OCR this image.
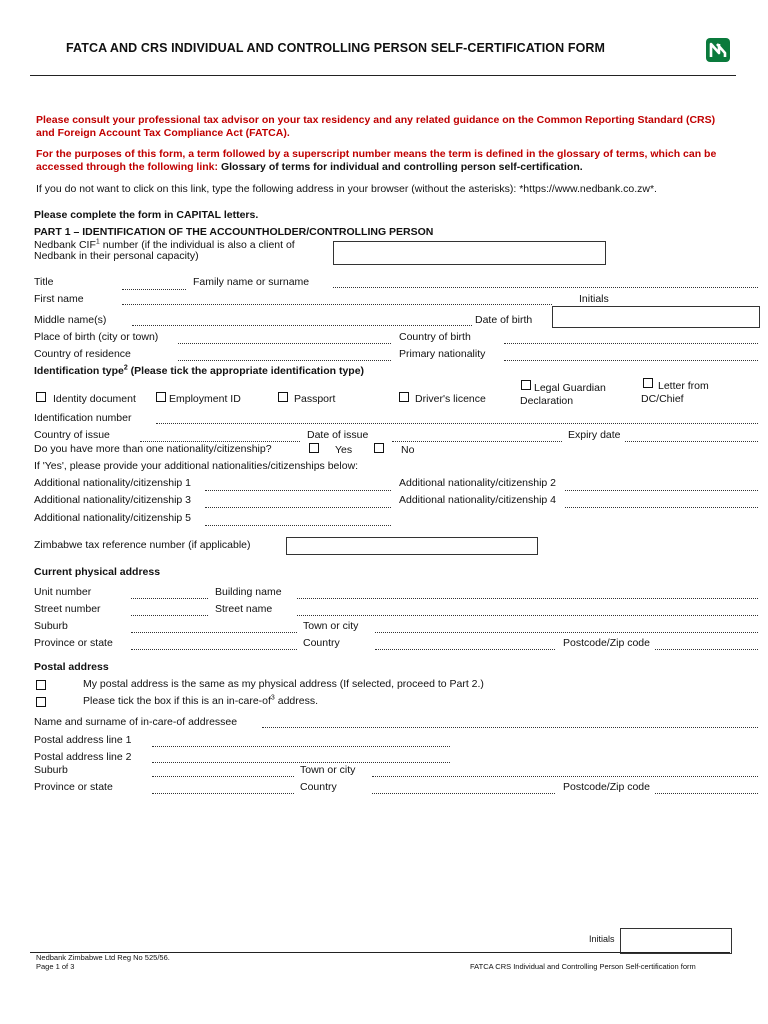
FATCA AND CRS INDIVIDUAL AND CONTROLLING PERSON SELF-CERTIFICATION FORM
Please consult your professional tax advisor on your tax residency and any related guidance on the Common Reporting Standard (CRS) and Foreign Account Tax Compliance Act (FATCA).
For the purposes of this form, a term followed by a superscript number means the term is defined in the glossary of terms, which can be accessed through the following link: Glossary of terms for individual and controlling person self-certification.
If you do not want to click on this link, type the following address in your browser (without the asterisks): *https://www.nedbank.co.zw*.
Please complete the form in CAPITAL letters.
PART 1 – IDENTIFICATION OF THE ACCOUNTHOLDER/CONTROLLING PERSON
Nedbank CIF$^1$ number (if the individual is also a client of
Nedbank in their personal capacity)
Title	Family name or surname
First name	Initials
Middle name(s)	Date of birth
Place of birth (city or town)	Country of birth
Country of residence	Primary nationality
Identification type$^2$ (Please tick the appropriate identification type)
Identity document	Employment ID	Passport	Driver's licence
Legal Guardian
Declaration
Letter from
DC/Chief
Identification number
Country of issue	Date of issue	Expiry date
Do you have more than one nationality/citizenship?	Yes	No
If 'Yes', please provide your additional nationalities/citizenships below:
Additional nationality/citizenship 1	Additional nationality/citizenship 2
Additional nationality/citizenship 3	Additional nationality/citizenship 4
Additional nationality/citizenship 5
Zimbabwe tax reference number (if applicable)
Current physical address
Unit number	Building name
Street number	Street name
Suburb	Town or city
Province or state	Country	Postcode/Zip code
Postal address
My postal address is the same as my physical address (If selected, proceed to Part 2.)
Please tick the box if this is an $in-care-of^3$ address.
Name and surname of in-care-of addressee
Postal address line 1
Postal address line 2
Suburb	Town or city
Province or state	Country	Postcode/Zip code
Initials
Nedbank Zimbabwe Ltd Reg No 525/56.
Page 1 of 3	FATCA CRS Individual and Controlling Person Self-certification form
